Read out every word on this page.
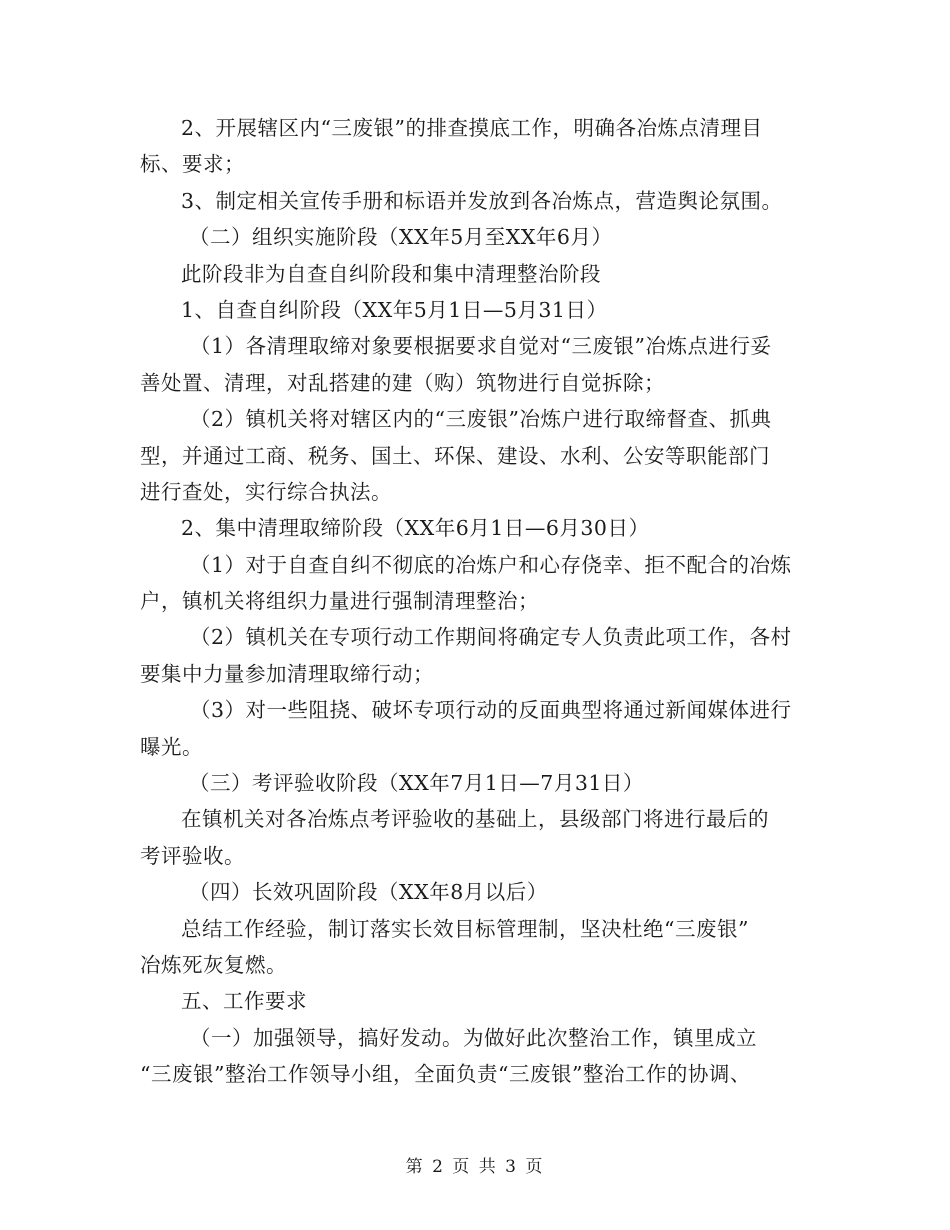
2、开展辖区内“三废银”的排查摸底工作，明确各冶炼点清理目
标、要求；
3、制定相关宣传手册和标语并发放到各冶炼点，营造舆论氛围。
（二）组织实施阶段（XX年5月至XX年6月）
此阶段非为自查自纠阶段和集中清理整治阶段
1、自查自纠阶段（XX年5月1日—5月31日）
（1）各清理取缔对象要根据要求自觉对“三废银”冶炼点进行妥
善处置、清理，对乱搭建的建（购）筑物进行自觉拆除；
（2）镇机关将对辖区内的“三废银”冶炼户进行取缔督查、抓典
型，并通过工商、税务、国土、环保、建设、水利、公安等职能部门
进行查处，实行综合执法。
2、集中清理取缔阶段（XX年6月1日—6月30日）
（1）对于自查自纠不彻底的冶炼户和心存侥幸、拒不配合的冶炼
户，镇机关将组织力量进行强制清理整治；
（2）镇机关在专项行动工作期间将确定专人负责此项工作，各村
要集中力量参加清理取缔行动；
（3）对一些阻挠、破坏专项行动的反面典型将通过新闻媒体进行
曝光。
（三）考评验收阶段（XX年7月1日—7月31日）
在镇机关对各冶炼点考评验收的基础上，县级部门将进行最后的
考评验收。
（四）长效巩固阶段（XX年8月以后）
总结工作经验，制订落实长效目标管理制，坚决杜绝“三废银”
冶炼死灰复燃。
五、工作要求
（一）加强领导，搞好发动。为做好此次整治工作，镇里成立
“三废银”整治工作领导小组，全面负责“三废银”整治工作的协调、
第 2 页 共 3 页
